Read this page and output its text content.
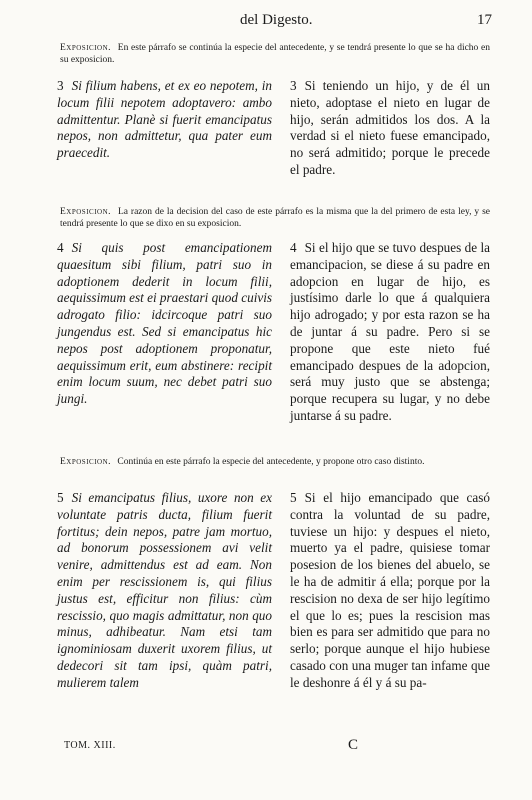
del Digesto.	17
Exposicion. En este párrafo se continúa la especie del antecedente, y se tendrá presente lo que se ha dicho en su exposicion.
3 Si filium habens, et ex eo nepotem, in locum filii nepotem adoptavero: ambo admittentur. Planè si fuerit emancipatus nepos, non admittetur, qua pater eum praecedit.
3 Si teniendo un hijo, y de él un nieto, adoptase el nieto en lugar de hijo, serán admitidos los dos. A la verdad si el nieto fuese emancipado, no será admitido; porque le precede el padre.
Exposicion. La razon de la decision del caso de este párrafo es la misma que la del primero de esta ley, y se tendrá presente lo que se dixo en su exposicion.
4 Si quis post emancipationem quaesitum sibi filium, patri suo in adoptionem dederit in locum filii, aequissimum est ei praestari quod cuivis adrogato filio: idcircoque patri suo jungendus est. Sed si emancipatus hic nepos post adoptionem proponatur, aequissimum erit, eum abstinere: recipit enim locum suum, nec debet patri suo jungi.
4 Si el hijo que se tuvo despues de la emancipacion, se diese á su padre en adopcion en lugar de hijo, es justísimo darle lo que á qualquiera hijo adrogado; y por esta razon se ha de juntar á su padre. Pero si se propone que este nieto fué emancipado despues de la adopcion, será muy justo que se abstenga; porque recupera su lugar, y no debe juntarse á su padre.
Exposicion. Continúa en este párrafo la especie del antecedente, y propone otro caso distinto.
5 Si emancipatus filius, uxore non ex voluntate patris ducta, filium fuerit fortitus; dein nepos, patre jam mortuo, ad bonorum possessionem avi velit venire, admittendus est ad eam. Non enim per rescissionem is, qui filius justus est, efficitur non filius: cùm rescissio, quo magis admittatur, non quo minus, adhibeatur. Nam etsi tam ignominiosam duxerit uxorem filius, ut dedecori sit tam ipsi, quàm patri, mulierem talem
5 Si el hijo emancipado que casó contra la voluntad de su padre, tuviese un hijo: y despues el nieto, muerto ya el padre, quisiese tomar posesion de los bienes del abuelo, se le ha de admitir á ella; porque por la rescision no dexa de ser hijo legítimo el que lo es; pues la rescision mas bien es para ser admitido que para no serlo; porque aunque el hijo hubiese casado con una muger tan infame que le deshonre á él y á su pa-
TOM. XIII.	C
